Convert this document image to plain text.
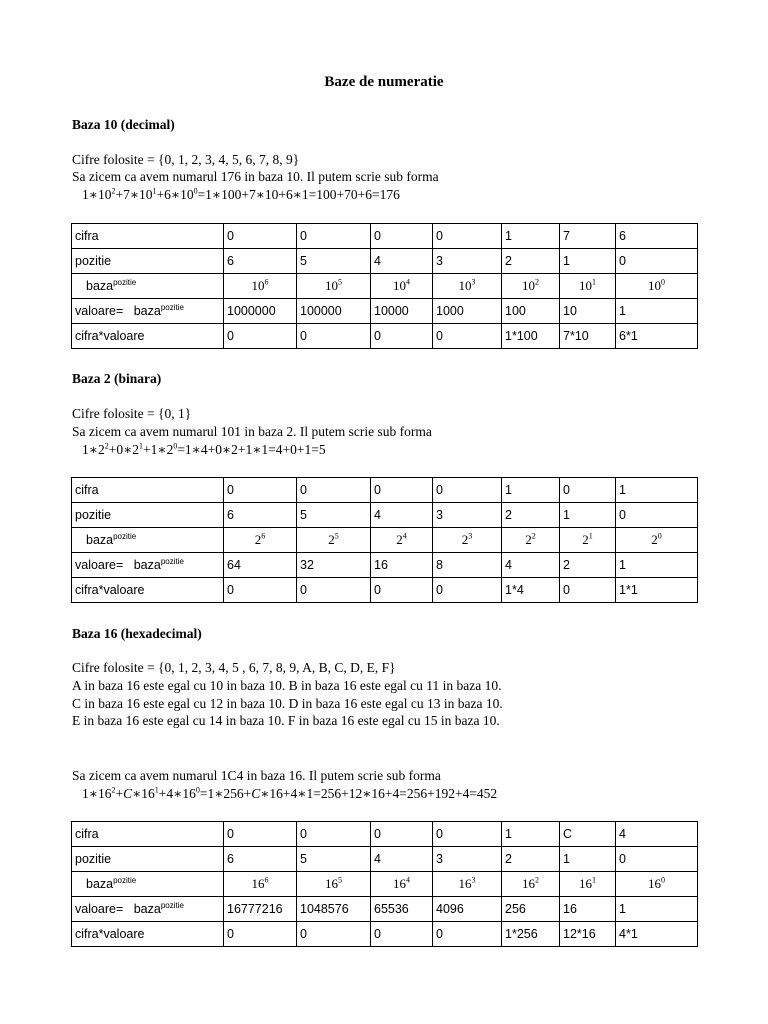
Baze de numeratie
Baza 10 (decimal)
Cifre folosite = {0, 1, 2, 3, 4, 5, 6, 7, 8, 9}
Sa zicem ca avem numarul 176 in baza 10. Il putem scrie sub forma
$1∗10^2+7∗10^1+6∗10^0=1∗100+7∗10+6∗1=100+70+6=176$
cifra	0	0	0	0	1	7	6
pozitie	6	5	4	3	2	1	0
baza$^{pozitie}$	$10^6$	$10^5$	$10^4$	$10^3$	$10^2$	$10^1$	$10^0$
valoare=   baza$^{pozitie}$	1000000	100000	10000	1000	100	10	1
cifra*valoare	0	0	0	0	1*100	7*10	6*1
Baza 2 (binara)
Cifre folosite = {0, 1}
Sa zicem ca avem numarul 101 in baza 2. Il putem scrie sub forma
$1∗2^2+0∗2^1+1∗2^0=1∗4+0∗2+1∗1=4+0+1=5$
cifra	0	0	0	0	1	0	1
pozitie	6	5	4	3	2	1	0
baza$^{pozitie}$	$2^6$	$2^5$	$2^4$	$2^3$	$2^2$	$2^1$	$2^0$
valoare=   baza$^{pozitie}$	64	32	16	8	4	2	1
cifra*valoare	0	0	0	0	1*4	0	1*1
Baza 16 (hexadecimal)
Cifre folosite = {0, 1, 2, 3, 4, 5 , 6, 7, 8, 9, A, B, C, D, E, F}
A in baza 16 este egal cu 10 in baza 10. B in baza 16 este egal cu 11 in baza 10.
C in baza 16 este egal cu 12 in baza 10. D in baza 16 este egal cu 13 in baza 10.
E in baza 16 este egal cu 14 in baza 10. F in baza 16 este egal cu 15 in baza 10.
Sa zicem ca avem numarul 1C4 in baza 16. Il putem scrie sub forma
$1∗16^2+C∗16^1+4∗16^0=1∗256+C∗16+4∗1=256+12∗16+4=256+192+4=452$
cifra	0	0	0	0	1	C	4
pozitie	6	5	4	3	2	1	0
baza$^{pozitie}$	$16^6$	$16^5$	$16^4$	$16^3$	$16^2$	$16^1$	$16^0$
valoare=   baza$^{pozitie}$	16777216	1048576	65536	4096	256	16	1
cifra*valoare	0	0	0	0	1*256	12*16	4*1
